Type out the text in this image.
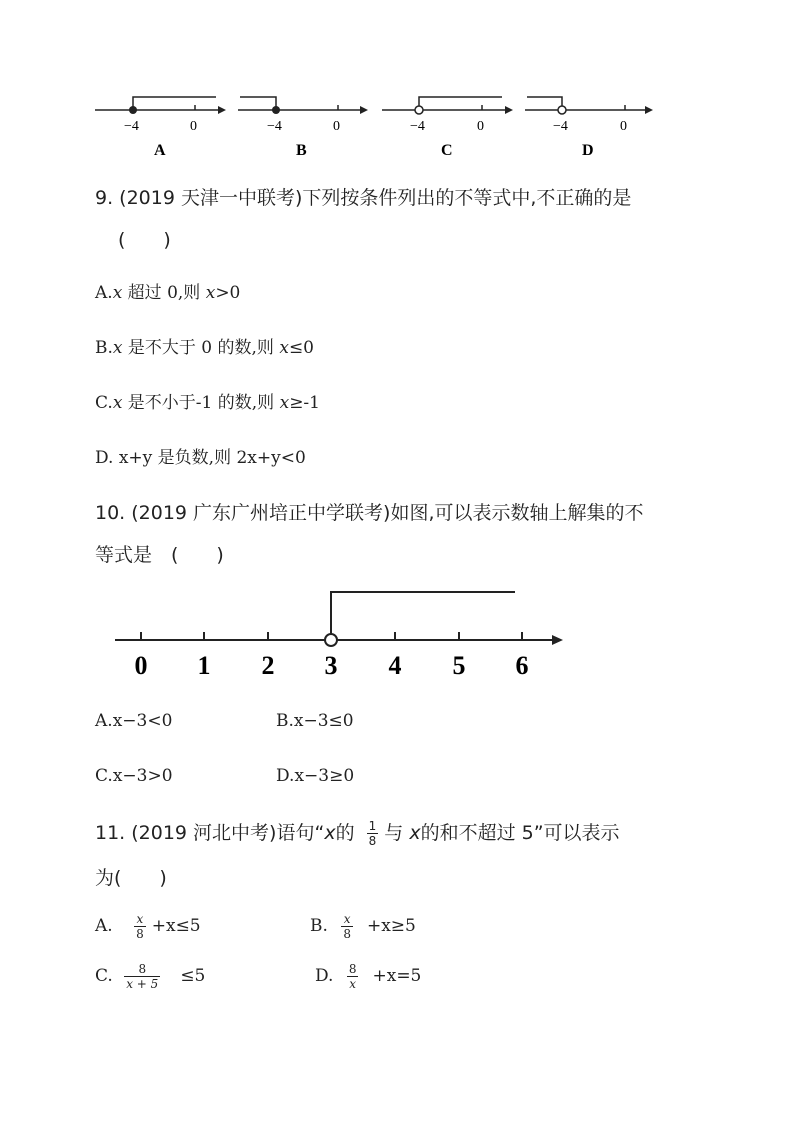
−4	0
A
−4	0
B
−4	0
C
−4	0
D
9. (2019 天津一中联考)下列按条件列出的不等式中,不正确的是
(　　)
A.x 超过 0,则 x>0
B.x 是不大于 0 的数,则 x≤0
C.x 是不小于-1 的数,则 x≥-1
D. x+y 是负数,则 2x+y<0
10. (2019 广东广州培正中学联考)如图,可以表示数轴上解集的不
等式是　(　　)
0 1 2 3 4 5 6
A.x−3<0	B.x−3≤0
C.x−3>0	D.x−3≥0
11. (2019 河北中考)语句“x的 $\frac{1}{8}$ 与 x的和不超过 5”可以表示
为(　　)
A. $\frac{x}{8} +x\le 5$	B. $\frac{x}{8} +x\ge 5$
C. $\frac{8}{x + 5} \le 5$	D. $\frac{8}{x} +x=5$
